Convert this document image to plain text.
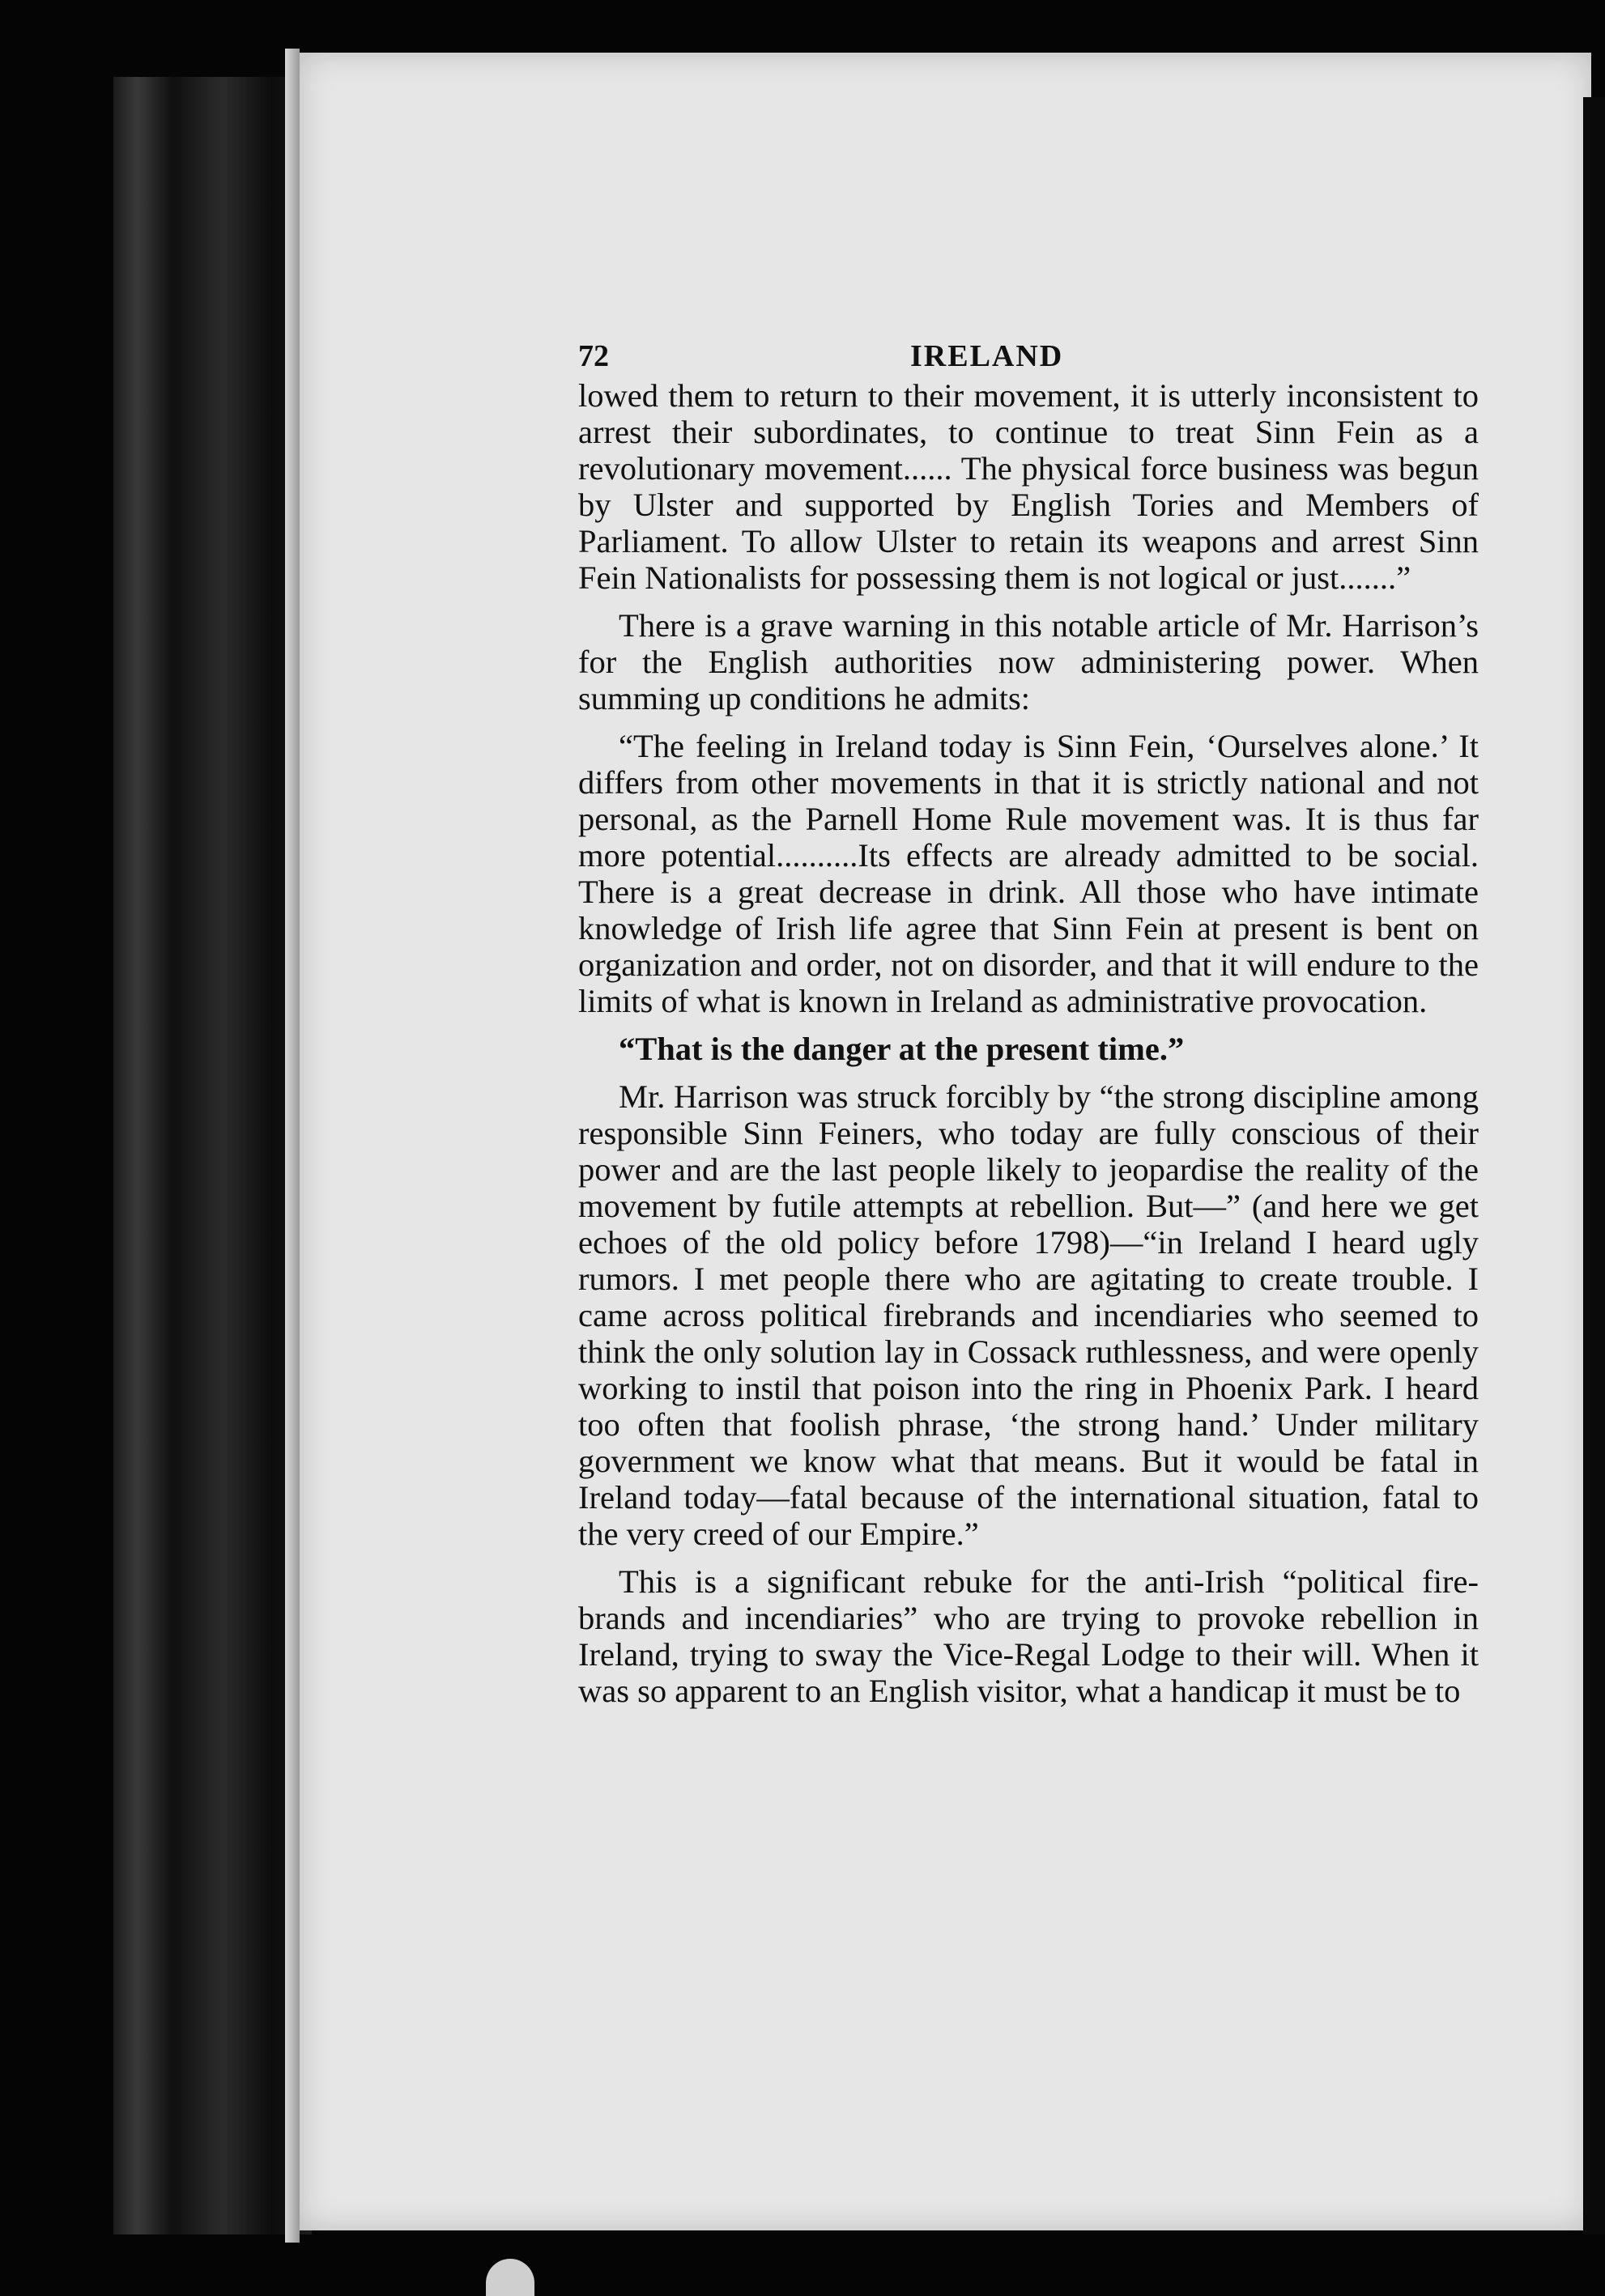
72	IRELAND

lowed them to return to their movement, it is utterly inconsistent to arrest their subordinates, to continue to treat Sinn Fein as a revolutionary movement...... The physical force business was begun by Ulster and supported by English Tories and Members of Parliament. To allow Ulster to retain its weapons and arrest Sinn Fein Nationalists for possessing them is not logical or just.......”

There is a grave warning in this notable article of Mr. Harrison’s for the English authorities now administering power. When summing up conditions he admits:

“The feeling in Ireland today is Sinn Fein, ‘Ourselves alone.’ It differs from other movements in that it is strictly national and not personal, as the Parnell Home Rule movement was. It is thus far more potential..........Its effects are already admitted to be social. There is a great decrease in drink. All those who have intimate knowledge of Irish life agree that Sinn Fein at present is bent on organization and order, not on disorder, and that it will endure to the limits of what is known in Ireland as administrative provocation.

“That is the danger at the present time.”

Mr. Harrison was struck forcibly by “the strong discipline among responsible Sinn Feiners, who today are fully conscious of their power and are the last people likely to jeopardise the reality of the movement by futile attempts at rebellion. But—” (and here we get echoes of the old policy before 1798)—“in Ireland I heard ugly rumors. I met people there who are agitating to create trouble. I came across political firebrands and incendiaries who seemed to think the only solution lay in Cossack ruthlessness, and were openly working to instil that poison into the ring in Phoenix Park. I heard too often that foolish phrase, ‘the strong hand.’ Under military government we know what that means. But it would be fatal in Ireland today—fatal because of the international situation, fatal to the very creed of our Empire.”

This is a significant rebuke for the anti-Irish “political fire-brands and incendiaries” who are trying to provoke rebellion in Ireland, trying to sway the Vice-Regal Lodge to their will. When it was so apparent to an English visitor, what a handicap it must be to
